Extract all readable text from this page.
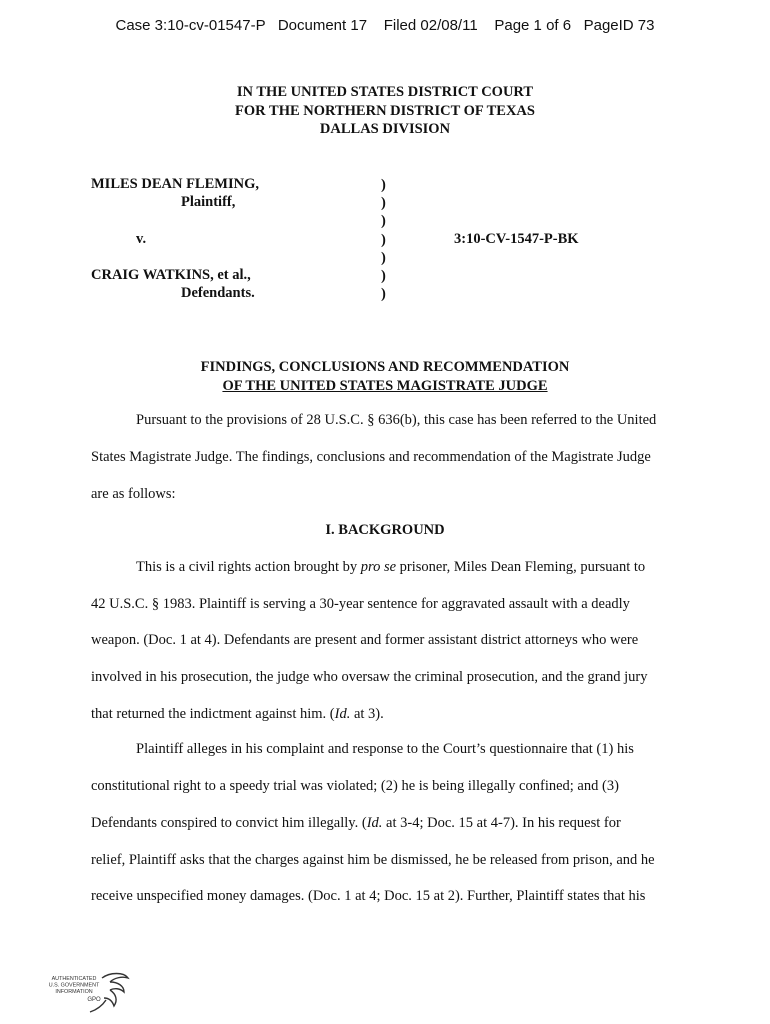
Case 3:10-cv-01547-P Document 17 Filed 02/08/11 Page 1 of 6 PageID 73
IN THE UNITED STATES DISTRICT COURT
FOR THE NORTHERN DISTRICT OF TEXAS
DALLAS DIVISION
MILES DEAN FLEMING,
Plaintiff,
v.
CRAIG WATKINS, et al.,
Defendants.
3:10-CV-1547-P-BK
)
)
)
)
)
)
)
FINDINGS, CONCLUSIONS AND RECOMMENDATION
OF THE UNITED STATES MAGISTRATE JUDGE
Pursuant to the provisions of 28 U.S.C. § 636(b), this case has been referred to the United
States Magistrate Judge. The findings, conclusions and recommendation of the Magistrate Judge
are as follows:
I. BACKGROUND
This is a civil rights action brought by pro se prisoner, Miles Dean Fleming, pursuant to
42 U.S.C. § 1983. Plaintiff is serving a 30-year sentence for aggravated assault with a deadly
weapon. (Doc. 1 at 4). Defendants are present and former assistant district attorneys who were
involved in his prosecution, the judge who oversaw the criminal prosecution, and the grand jury
that returned the indictment against him. (Id. at 3).
Plaintiff alleges in his complaint and response to the Court’s questionnaire that (1) his
constitutional right to a speedy trial was violated; (2) he is being illegally confined; and (3)
Defendants conspired to convict him illegally. (Id. at 3-4; Doc. 15 at 4-7). In his request for
relief, Plaintiff asks that the charges against him be dismissed, he be released from prison, and he
receive unspecified money damages. (Doc. 1 at 4; Doc. 15 at 2). Further, Plaintiff states that his
AUTHENTICATED
U.S. GOVERNMENT
INFORMATION
GPO
